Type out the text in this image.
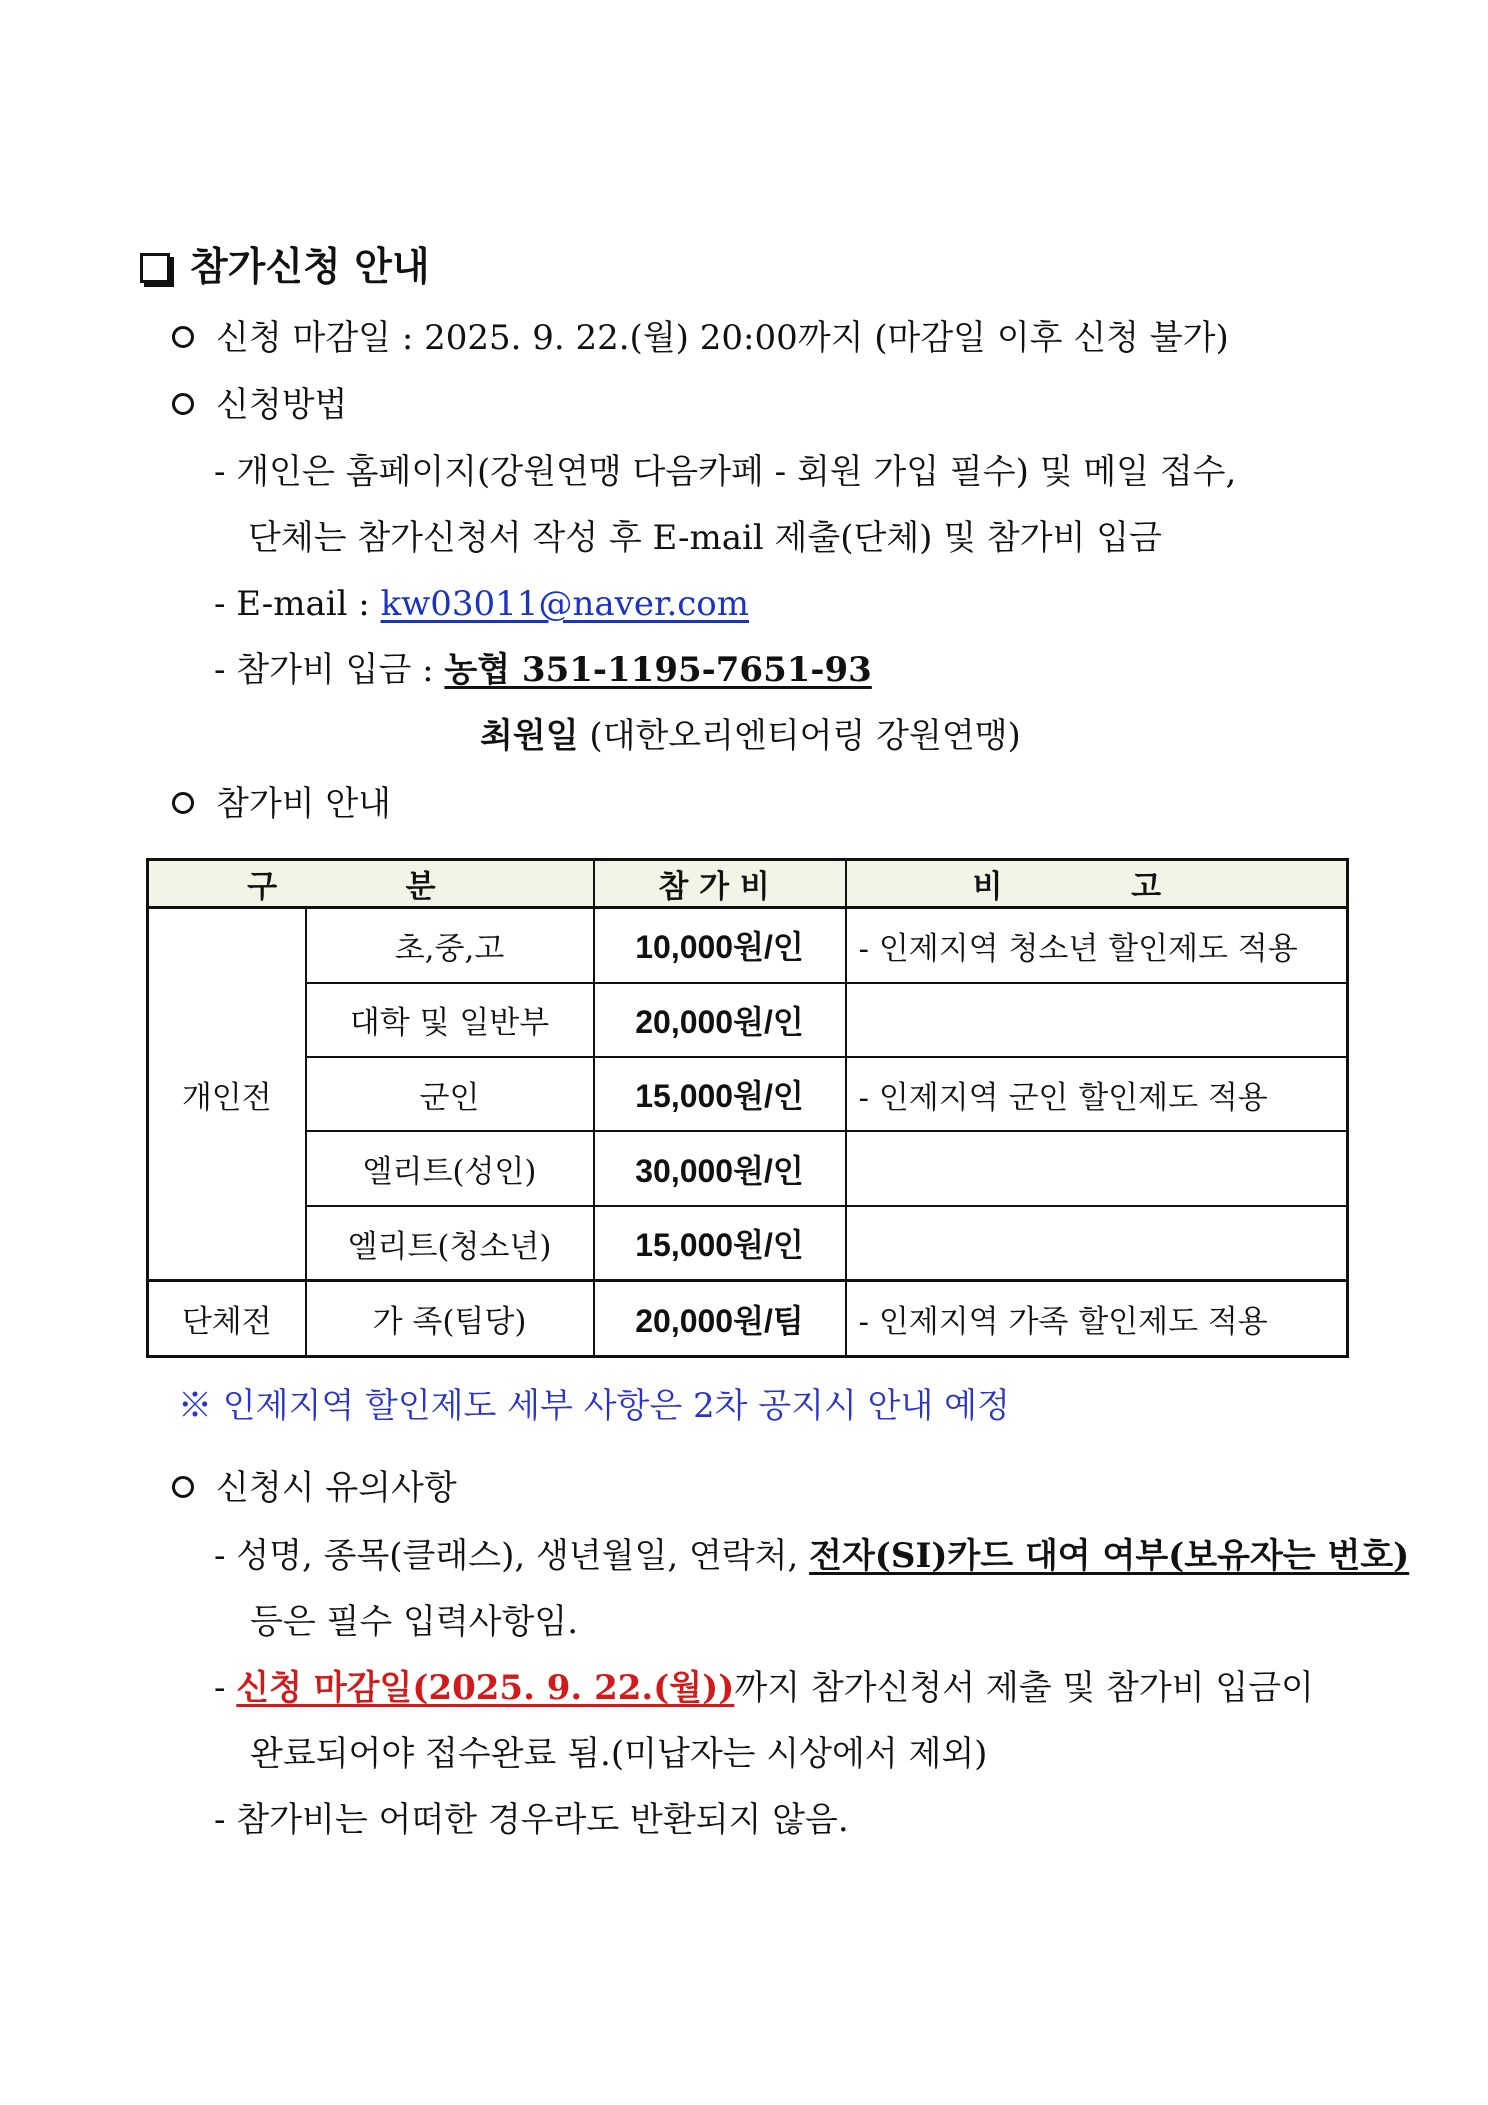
참가신청 안내
신청 마감일 : 2025. 9. 22.(월) 20:00까지 (마감일 이후 신청 불가)
신청방법
- 개인은 홈페이지(강원연맹 다음카페 - 회원 가입 필수) 및 메일 접수,
단체는 참가신청서 작성 후 E-mail 제출(단체) 및 참가비 입금
- E-mail : kw03011@naver.com
- 참가비 입금 : 농협 351-1195-7651-93
최원일 (대한오리엔티어링 강원연맹)
참가비 안내
구 분		참가비	비 고
개인전	초,중,고	10,000원/인	- 인제지역 청소년 할인제도 적용
	대학 및 일반부	20,000원/인	
	군인	15,000원/인	- 인제지역 군인 할인제도 적용
	엘리트(성인)	30,000원/인	
	엘리트(청소년)	15,000원/인	
단체전	가 족(팀당)	20,000원/팀	- 인제지역 가족 할인제도 적용
※ 인제지역 할인제도 세부 사항은 2차 공지시 안내 예정
신청시 유의사항
- 성명, 종목(클래스), 생년월일, 연락처, 전자(SI)카드 대여 여부(보유자는 번호)
등은 필수 입력사항임.
- 신청 마감일(2025. 9. 22.(월))까지 참가신청서 제출 및 참가비 입금이
완료되어야 접수완료 됨.(미납자는 시상에서 제외)
- 참가비는 어떠한 경우라도 반환되지 않음.
